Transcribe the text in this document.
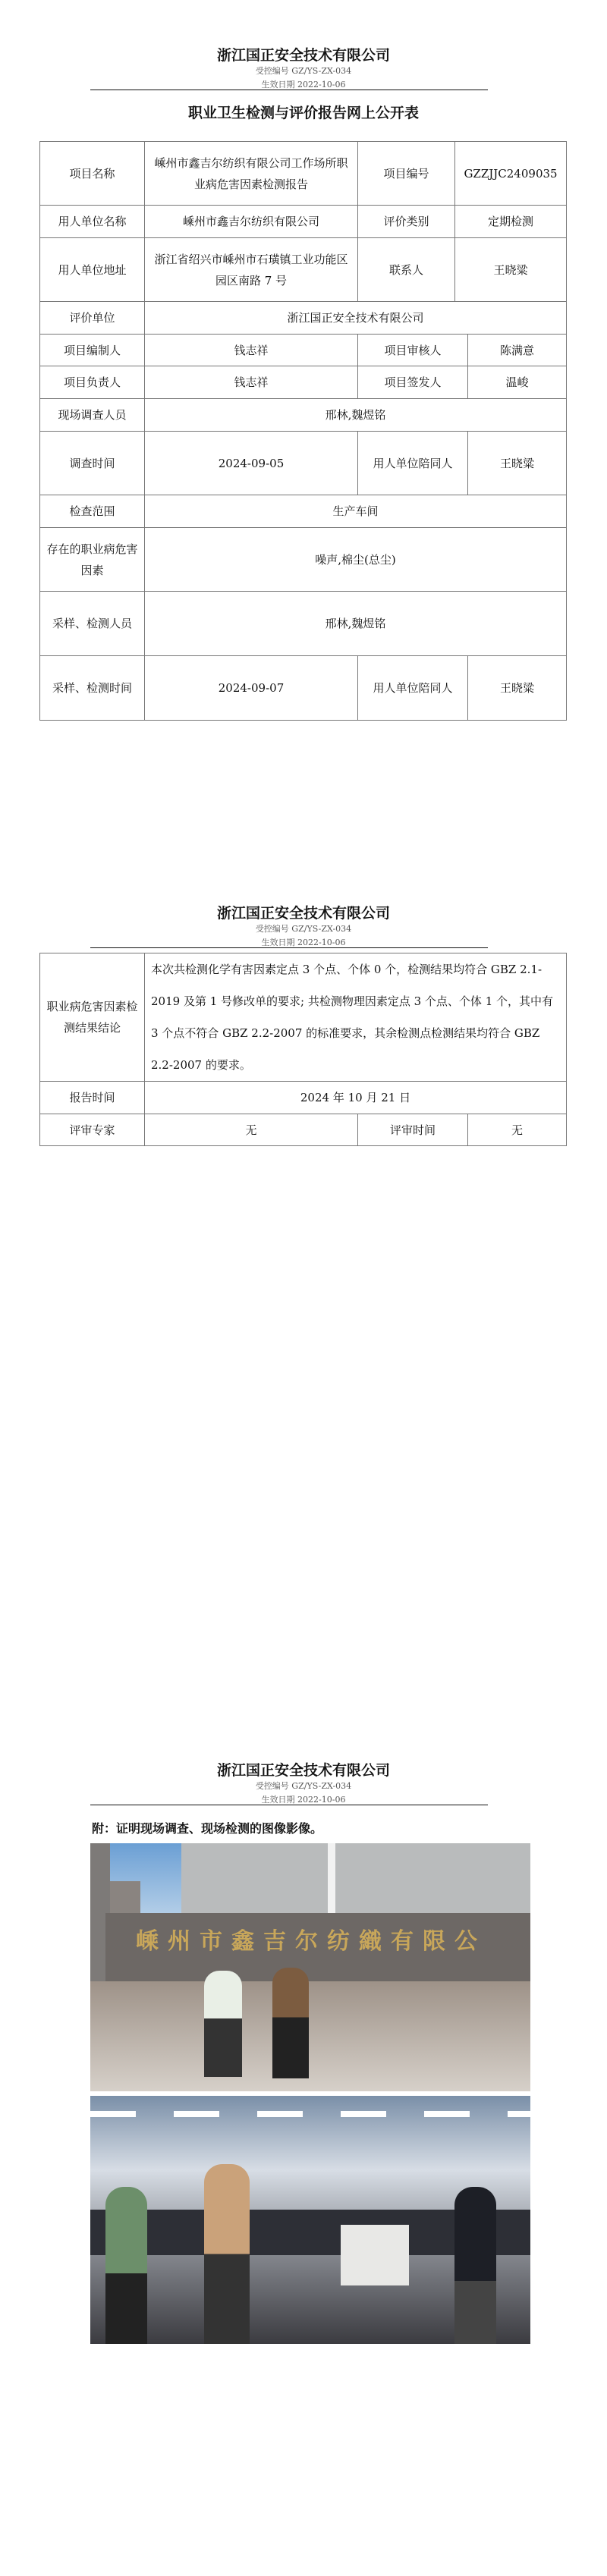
浙江国正安全技术有限公司
受控编号 GZ/YS-ZX-034
生效日期 2022-10-06
职业卫生检测与评价报告网上公开表
项目名称	嵊州市鑫吉尔纺织有限公司工作场所职业病危害因素检测报告	项目编号	GZZJJC2409035	
用人单位名称	嵊州市鑫吉尔纺织有限公司	评价类别	定期检测	
用人单位地址	浙江省绍兴市嵊州市石璜镇工业功能区园区南路 7 号	联系人	王晓粱	
评价单位	浙江国正安全技术有限公司			
项目编制人	钱志祥	项目审核人		陈满意
项目负责人	钱志祥	项目签发人		温峻
现场调查人员	邢林,魏煜铭			
调查时间	2024-09-05	用人单位陪同人		王晓粱
检查范围	生产车间			
存在的职业病危害因素	噪声,棉尘(总尘)			
采样、检测人员	邢林,魏煜铭			
采样、检测时间	2024-09-07	用人单位陪同人		王晓粱
浙江国正安全技术有限公司
受控编号 GZ/YS-ZX-034
生效日期 2022-10-06
职业病危害因素检测结果结论	本次共检测化学有害因素定点 3 个点、个体 0 个，检测结果均符合 GBZ 2.1-2019 及第 1 号修改单的要求; 共检测物理因素定点 3 个点、个体 1 个，其中有 3 个点不符合 GBZ 2.2-2007 的标准要求，其余检测点检测结果均符合 GBZ 2.2-2007 的要求。		
报告时间	2024 年 10 月 21 日		
评审专家	无	评审时间	无
浙江国正安全技术有限公司
受控编号 GZ/YS-ZX-034
生效日期 2022-10-06
附：证明现场调查、现场检测的图像影像。
嵊州市鑫吉尔纺織有限公
